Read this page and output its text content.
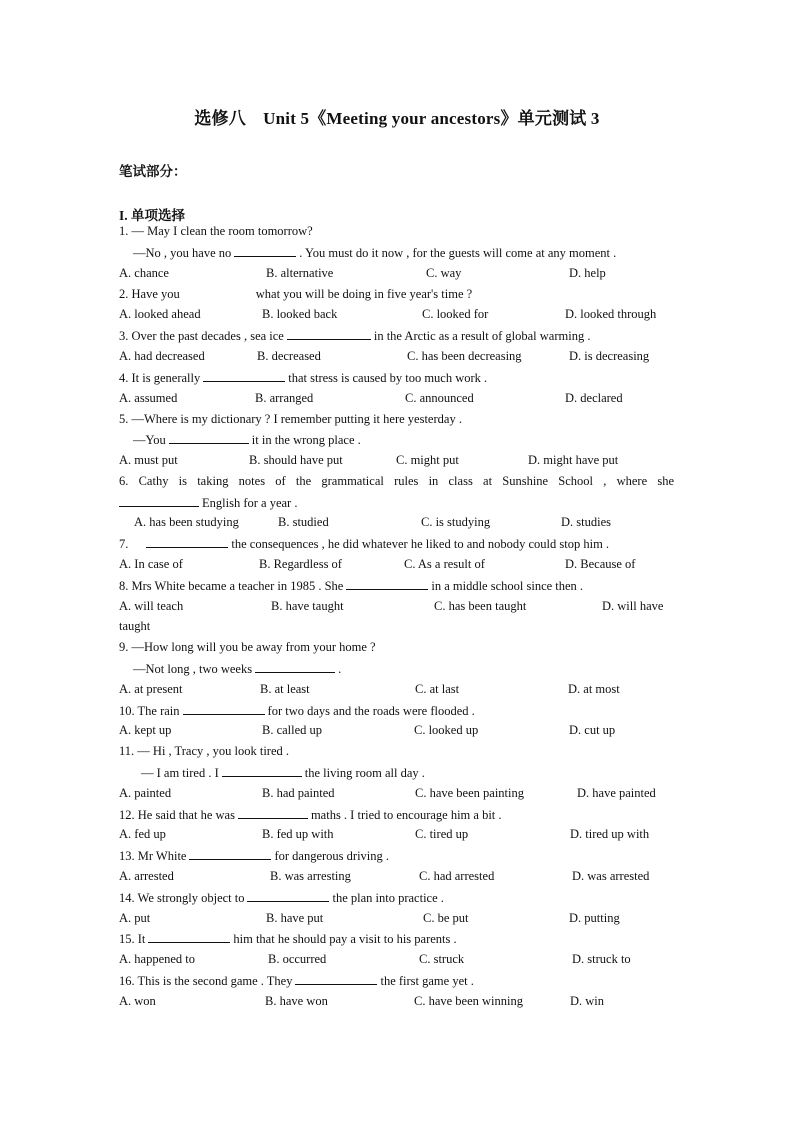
选修八　Unit 5《Meeting your ancestors》单元测试 3
笔试部分：
I. 单项选择
1. — May I clean the room tomorrow?
—No , you have no	. You must do it now , for the guests will come at any moment .
A. chance	B. alternative	C. way	D. help
2. Have you	what you will be doing in five year's time ?
A. looked ahead	B. looked back	C. looked for	D. looked through
3. Over the past decades , sea ice	in the Arctic as a result of global warming .
A. had decreased	B. decreased	C. has been decreasing	D. is decreasing
4. It is generally	that stress is caused by too much work .
A. assumed	B. arranged	C. announced	D. declared
5. —Where is my dictionary ? I remember putting it here yesterday .
—You	it in the wrong place .
A. must put	B. should have put	C. might put	D. might have put
6. Cathy is taking notes of the grammatical rules in class at Sunshine School , where she
English for a year .
A. has been studying	B. studied	C. is studying	D. studies
7.	the consequences , he did whatever he liked to and nobody could stop him .
A. In case of	B. Regardless of	C. As a result of	D. Because of
8. Mrs White became a teacher in 1985 . She	in a middle school since then .
A. will teach	B. have taught	C. has been taught	D. will have
taught
9. —How long will you be away from your home ?
—Not long , two weeks	.
A. at present	B. at least	C. at last	D. at most
10. The rain	for two days and the roads were flooded .
A. kept up	B. called up	C. looked up	D. cut up
11. — Hi , Tracy , you look tired .
— I am tired . I	the living room all day .
A. painted	B. had painted	C. have been painting	D. have painted
12. He said that he was	maths . I tried to encourage him a bit .
A. fed up	B. fed up with	C. tired up	D. tired up with
13. Mr White	for dangerous driving .
A. arrested	B. was arresting	C. had arrested	D. was arrested
14. We strongly object to	the plan into practice .
A. put	B. have put	C. be put	D. putting
15. It	him that he should pay a visit to his parents .
A. happened to	B. occurred	C. struck	D. struck to
16. This is the second game . They	the first game yet .
A. won	B. have won	C. have been winning	D. win
